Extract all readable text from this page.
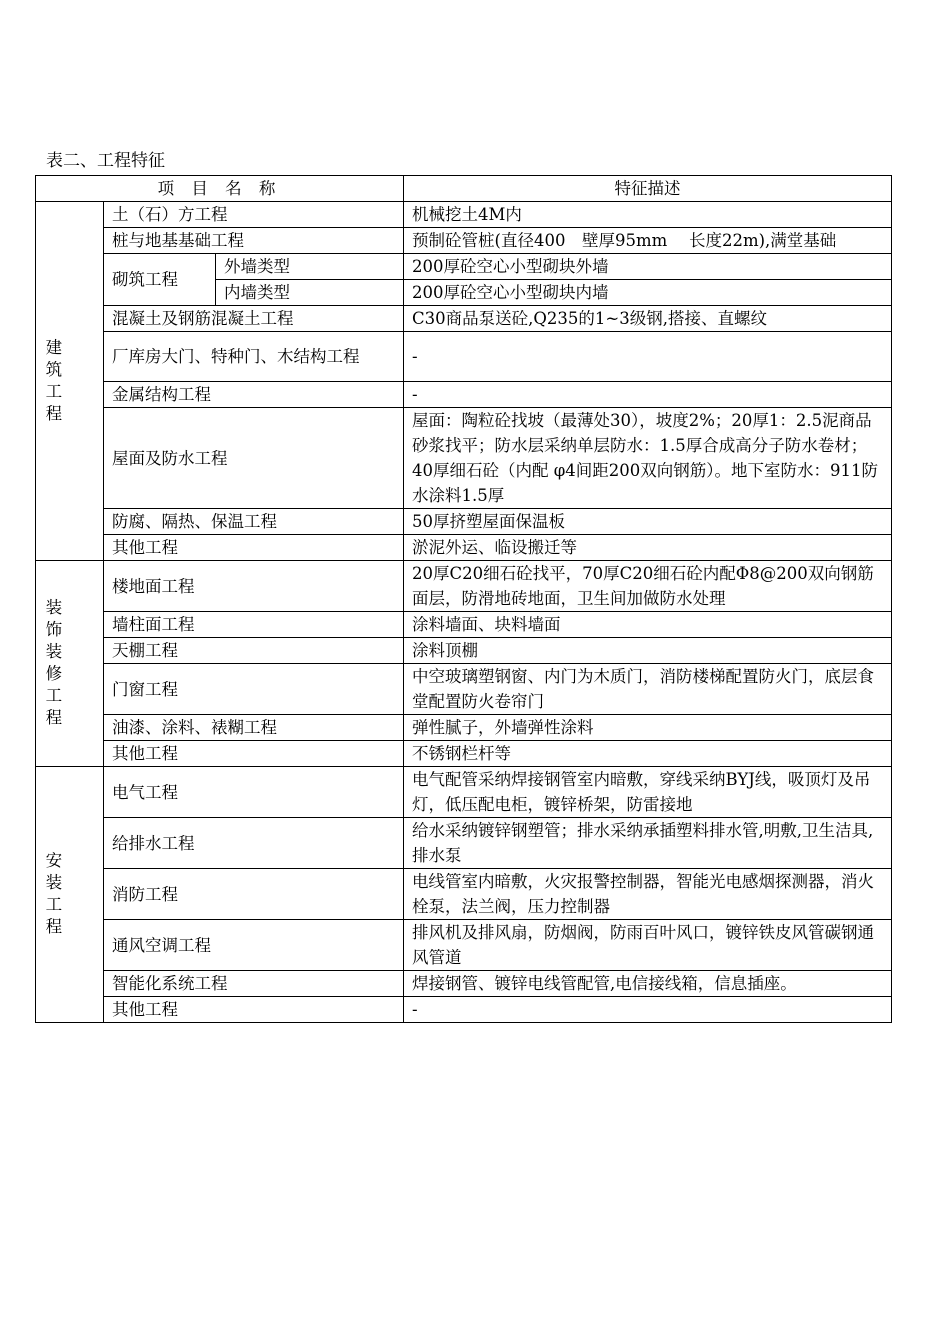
表二、工程特征
项 目 名 称			特征描述
建筑工程	土（石）方工程		机械挖土4M内
	桩与地基基础工程		预制砼管桩(直径400　壁厚95mm　 长度22m),满堂基础
	砌筑工程	外墙类型	200厚砼空心小型砌块外墙
		内墙类型	200厚砼空心小型砌块内墙
	混凝土及钢筋混凝土工程		C30商品泵送砼,Q235的1~3级钢,搭接、直螺纹
	厂库房大门、特种门、木结构工程		-
	金属结构工程		-
	屋面及防水工程		屋面：陶粒砼找坡（最薄处30），坡度2%；20厚1：2.5泥商品砂浆找平；防水层采纳单层防水：1.5厚合成高分子防水卷材；40厚细石砼（内配 φ4间距200双向钢筋）。地下室防水：911防水涂料1.5厚
	防腐、隔热、保温工程		50厚挤塑屋面保温板
	其他工程		淤泥外运、临设搬迁等
装饰装修工程	楼地面工程		20厚C20细石砼找平，70厚C20细石砼内配Φ8@200双向钢筋面层，防滑地砖地面，卫生间加做防水处理
	墙柱面工程		涂料墙面、块料墙面
	天棚工程		涂料顶棚
	门窗工程		中空玻璃塑钢窗、内门为木质门，消防楼梯配置防火门，底层食堂配置防火卷帘门
	油漆、涂料、裱糊工程		弹性腻子，外墙弹性涂料
	其他工程		不锈钢栏杆等
安装工程	电气工程		电气配管采纳焊接钢管室内暗敷，穿线采纳BYJ线，吸顶灯及吊灯，低压配电柜，镀锌桥架，防雷接地
	给排水工程		给水采纳镀锌钢塑管；排水采纳承插塑料排水管,明敷,卫生洁具,排水泵
	消防工程		电线管室内暗敷，火灾报警控制器，智能光电感烟探测器，消火栓泵，法兰阀，压力控制器
	通风空调工程		排风机及排风扇，防烟阀，防雨百叶风口，镀锌铁皮风管碳钢通风管道
	智能化系统工程		焊接钢管、镀锌电线管配管,电信接线箱，信息插座。
	其他工程		-
